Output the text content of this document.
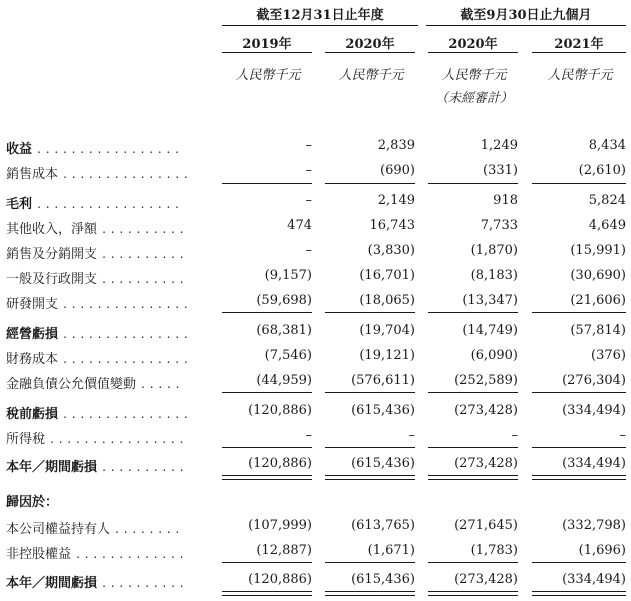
截至12月31日止年度	截至9月30日止九個月
2019年	2020年	2020年	2021年
人民幣千元	人民幣千元	人民幣千元	人民幣千元
（未經審計）
收益 . . . . . . . . . . . . . . . . .	–	2,839	1,249	8,434
銷售成本 . . . . . . . . . . . . . . .	–	(690)	(331)	(2,610)
毛利 . . . . . . . . . . . . . . . . .	–	2,149	918	5,824
其他收入，淨額 . . . . . . . . . .	474	16,743	7,733	4,649
銷售及分銷開支 . . . . . . . . . .	–	(3,830)	(1,870)	(15,991)
一般及行政開支 . . . . . . . . . .	(9,157)	(16,701)	(8,183)	(30,690)
研發開支 . . . . . . . . . . . . . . .	(59,698)	(18,065)	(13,347)	(21,606)
經營虧損 . . . . . . . . . . . . . . .	(68,381)	(19,704)	(14,749)	(57,814)
財務成本 . . . . . . . . . . . . . . .	(7,546)	(19,121)	(6,090)	(376)
金融負債公允價值變動 . . . . .	(44,959)	(576,611)	(252,589)	(276,304)
稅前虧損 . . . . . . . . . . . . . . .	(120,886)	(615,436)	(273,428)	(334,494)
所得稅 . . . . . . . . . . . . . . . .	–	–	–	–
本年／期間虧損 . . . . . . . . . .	(120,886)	(615,436)	(273,428)	(334,494)
歸因於：
本公司權益持有人 . . . . . . . .	(107,999)	(613,765)	(271,645)	(332,798)
非控股權益 . . . . . . . . . . . . .	(12,887)	(1,671)	(1,783)	(1,696)
本年／期間虧損 . . . . . . . . . .	(120,886)	(615,436)	(273,428)	(334,494)
